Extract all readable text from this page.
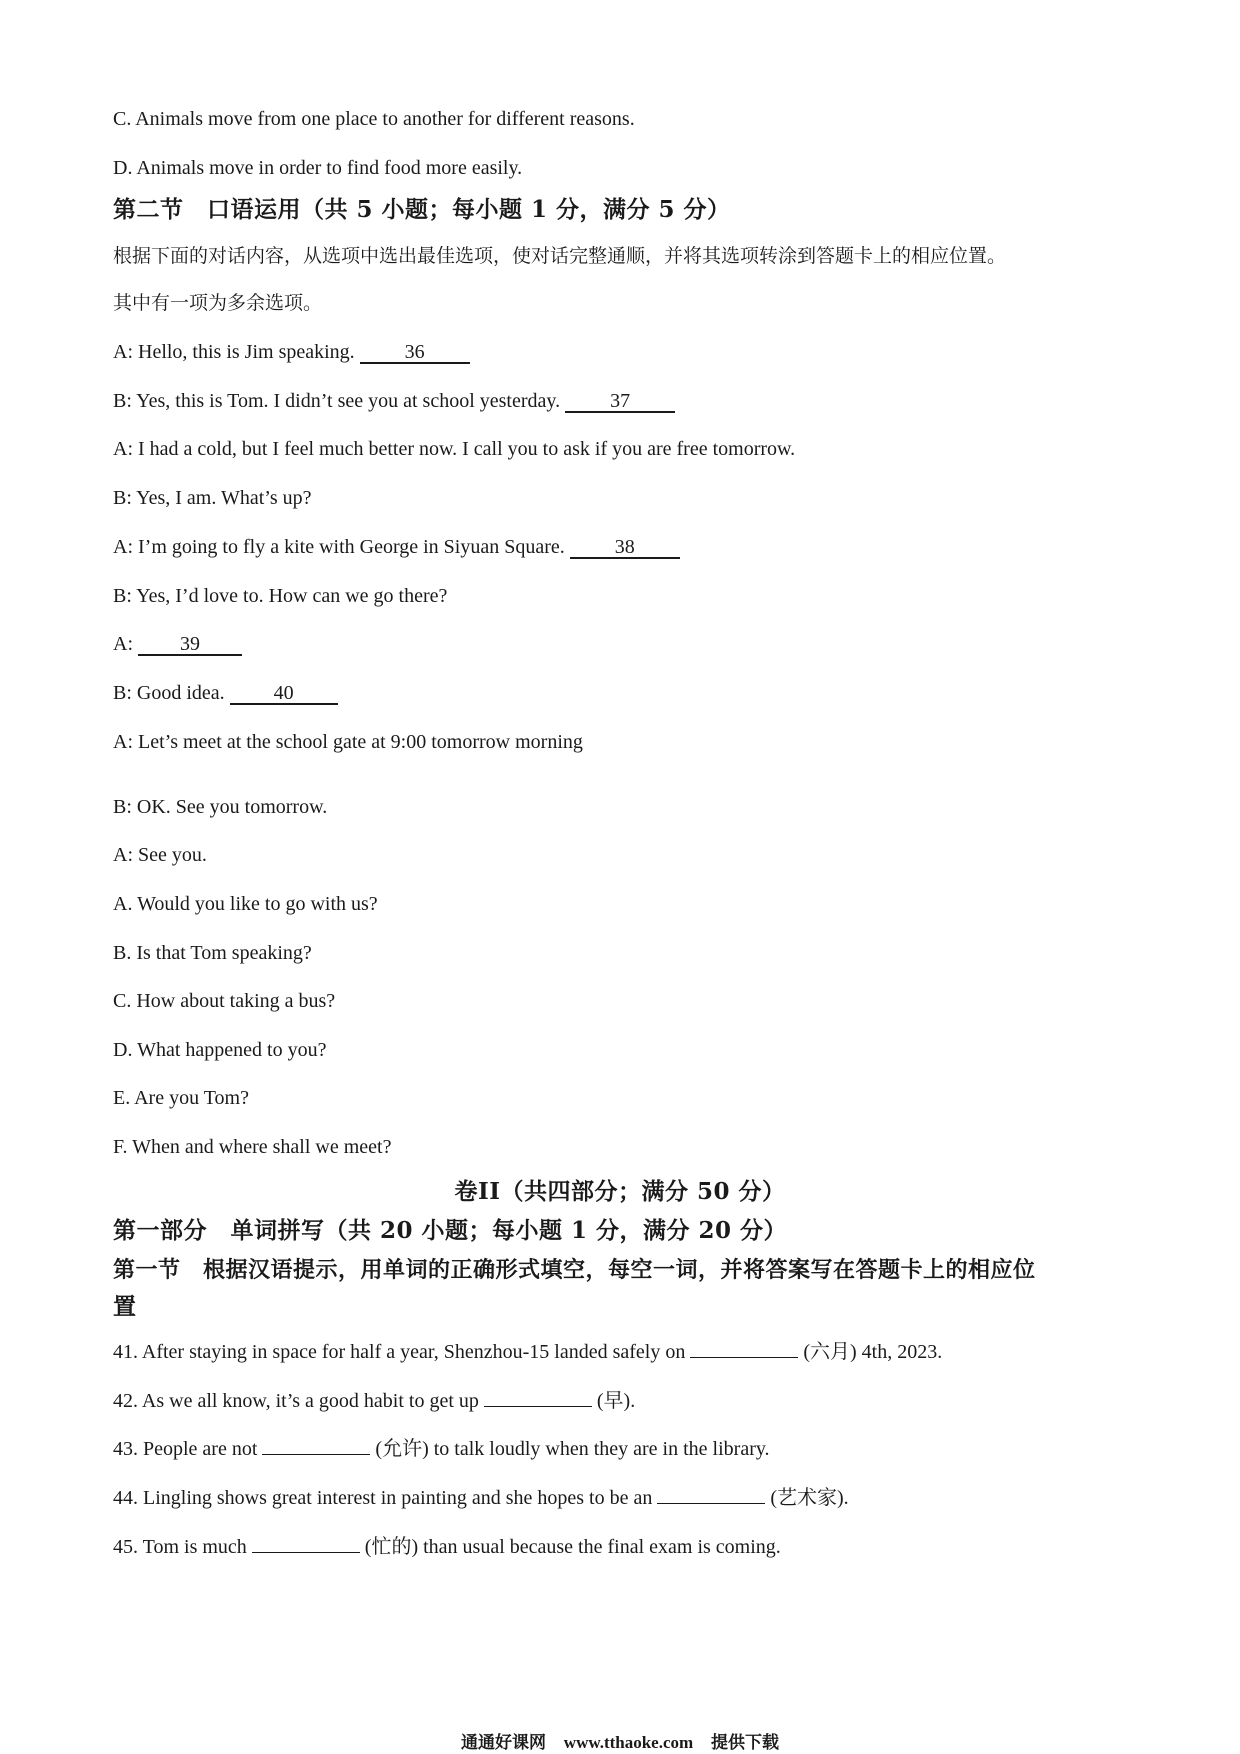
C. Animals move from one place to another for different reasons.
D. Animals move in order to find food more easily.
第二节　口语运用（共 5 小题；每小题 1 分，满分 5 分）
根据下面的对话内容，从选项中选出最佳选项，使对话完整通顺，并将其选项转涂到答题卡上的相应位置。
其中有一项为多余选项。
A: Hello, this is Jim speaking. 36
B: Yes, this is Tom. I didn’t see you at school yesterday. 37
A: I had a cold, but I feel much better now. I call you to ask if you are free tomorrow.
B: Yes, I am. What’s up?
A: I’m going to fly a kite with George in Siyuan Square. 38
B: Yes, I’d love to. How can we go there?
A: 39
B: Good idea. 40
A: Let’s meet at the school gate at 9:00 tomorrow morning
B: OK. See you tomorrow.
A: See you.
A. Would you like to go with us?
B. Is that Tom speaking?
C. How about taking a bus?
D. What happened to you?
E. Are you Tom?
F. When and where shall we meet?
卷II（共四部分；满分 50 分）
第一部分　单词拼写（共 20 小题；每小题 1 分，满分 20 分）
第一节　根据汉语提示，用单词的正确形式填空，每空一词，并将答案写在答题卡上的相应位
置
41. After staying in space for half a year, Shenzhou-15 landed safely on	(六月) 4th, 2023.
42. As we all know, it’s a good habit to get up	(早).
43. People are not	(允许) to talk loudly when they are in the library.
44. Lingling shows great interest in painting and she hopes to be an	(艺术家).
45. Tom is much	(忙的) than usual because the final exam is coming.
通通好课网 www.tthaoke.com 提供下载
